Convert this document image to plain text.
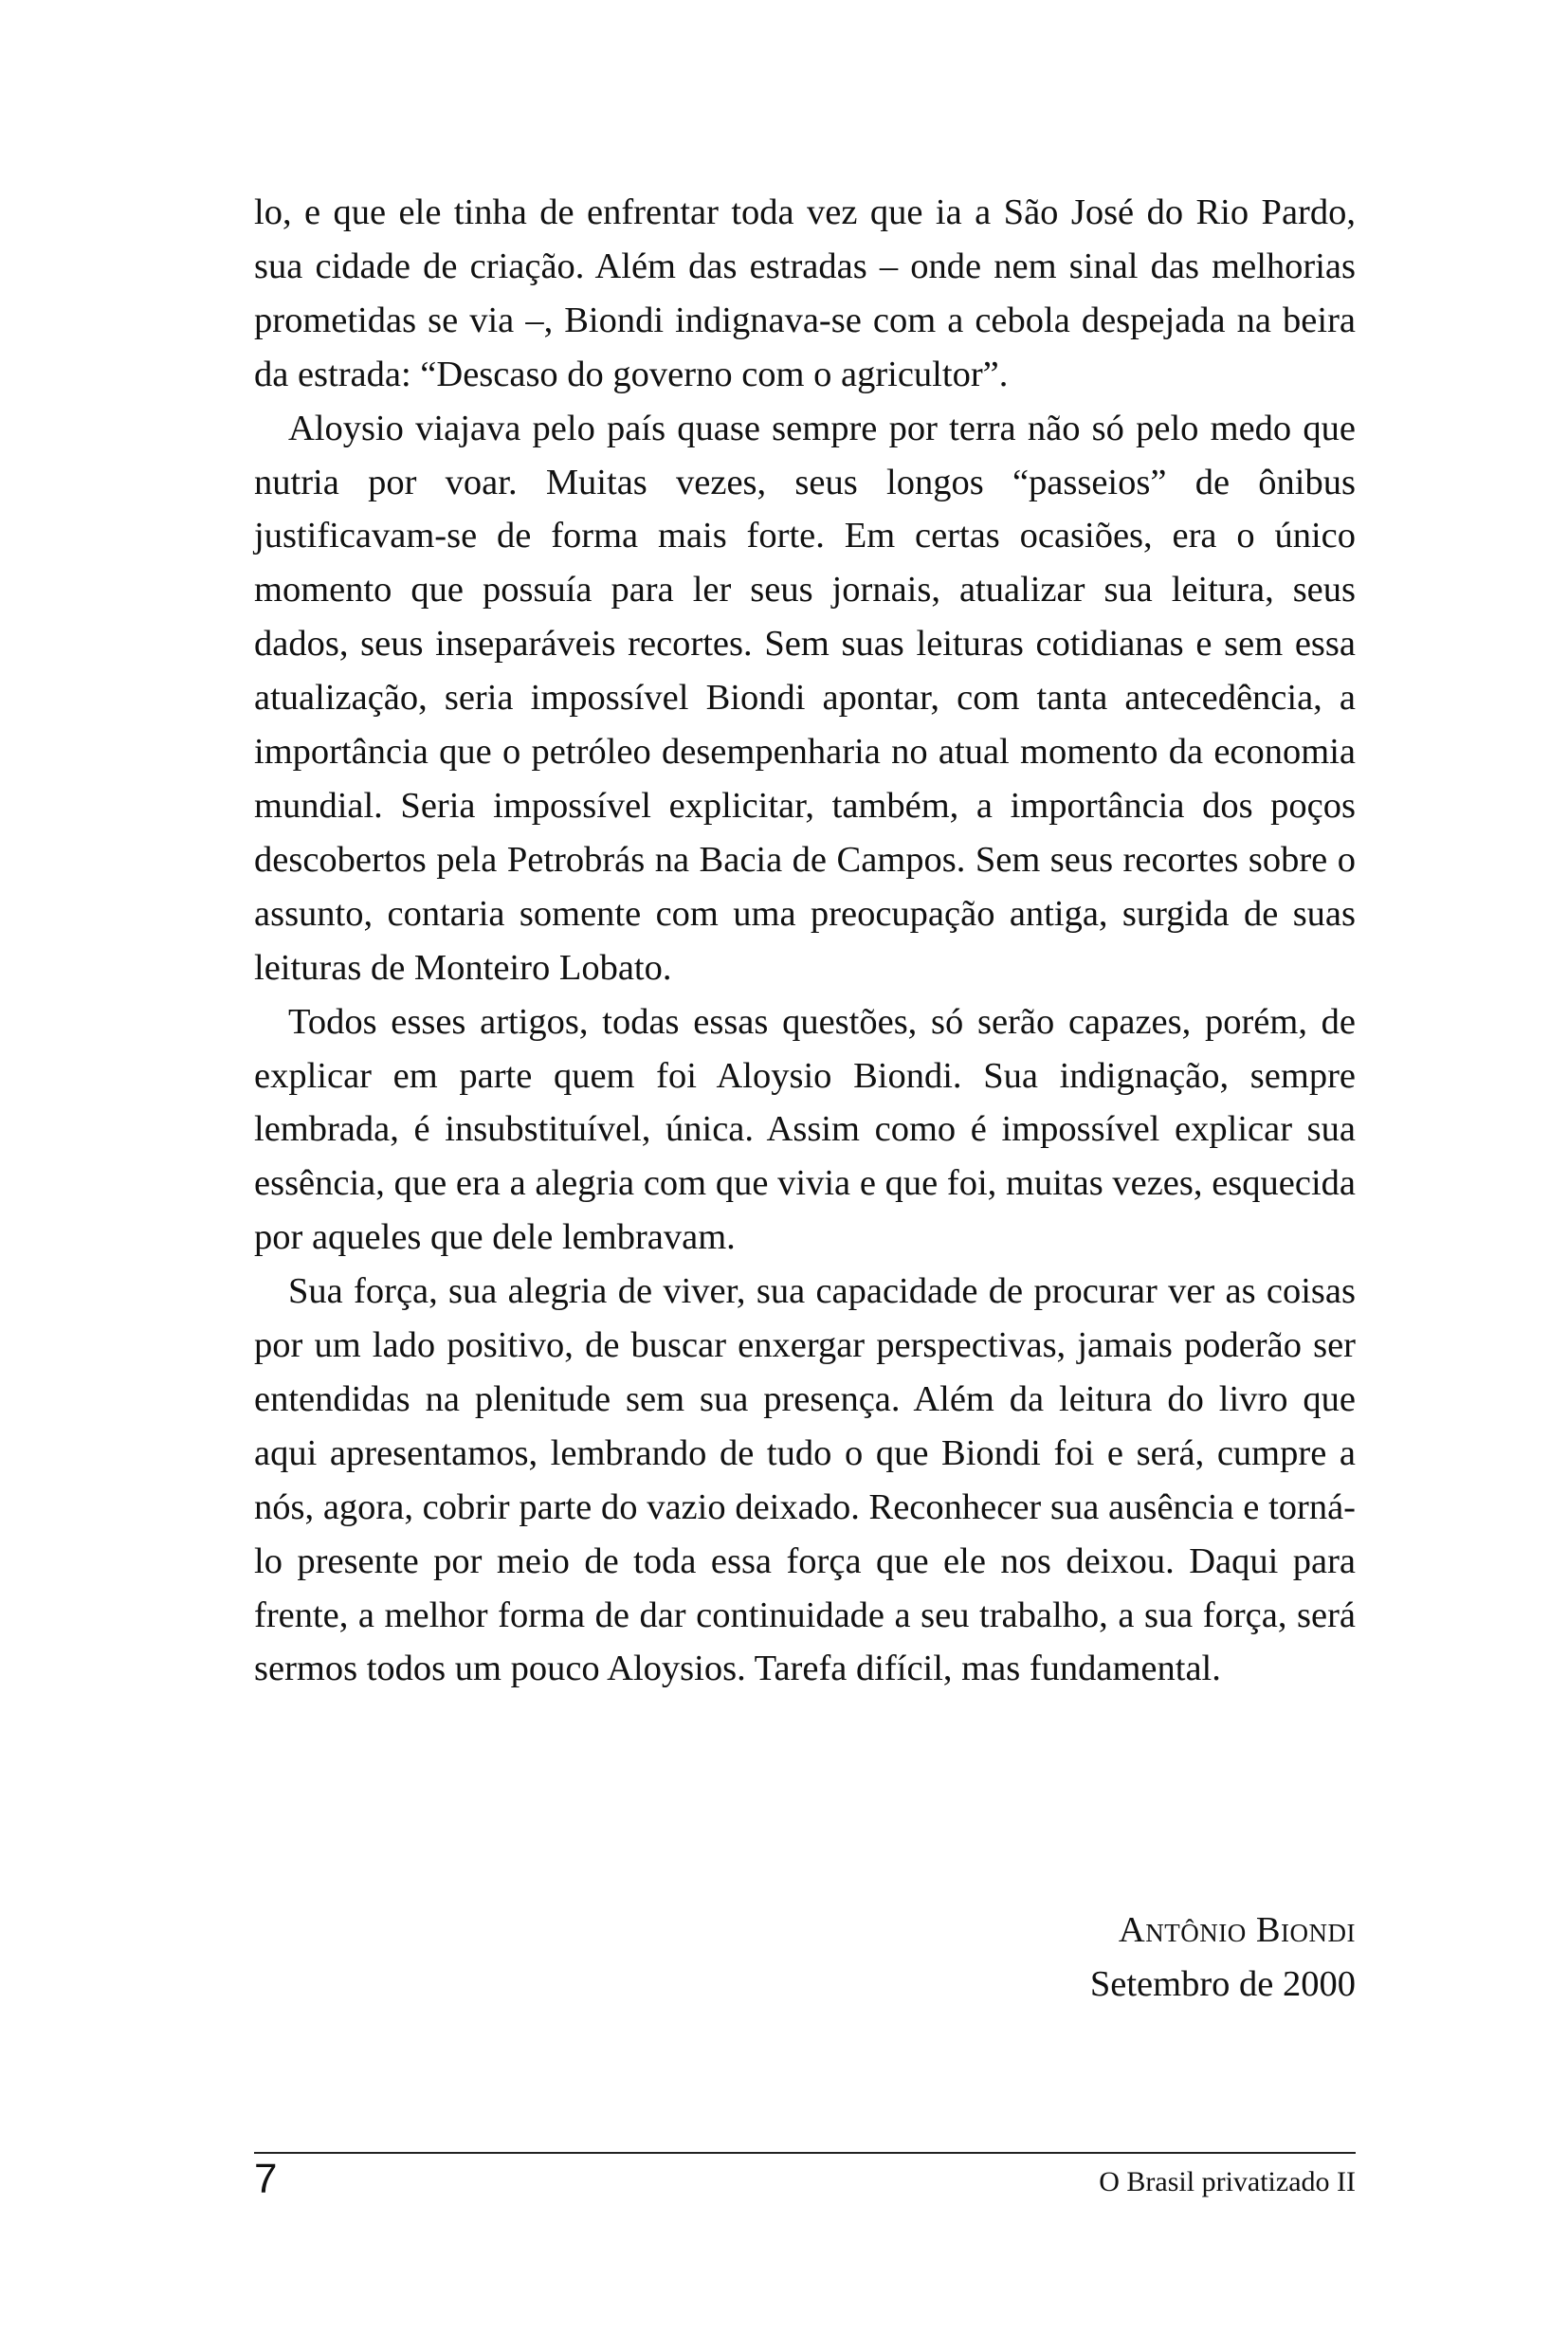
lo, e que ele tinha de enfrentar toda vez que ia a São José do Rio Pardo, sua cidade de criação. Além das estradas – onde nem sinal das melhorias prometidas se via –, Biondi indignava-se com a cebola despejada na beira da estrada: “Descaso do governo com o agricultor”.

Aloysio viajava pelo país quase sempre por terra não só pelo medo que nutria por voar. Muitas vezes, seus longos “passeios” de ônibus justificavam-se de forma mais forte. Em certas ocasiões, era o único momento que possuía para ler seus jornais, atualizar sua leitura, seus dados, seus inseparáveis recortes. Sem suas leituras cotidianas e sem essa atualização, seria impossível Biondi apontar, com tanta antecedência, a importância que o petróleo desempenharia no atual momento da economia mundial. Seria impossível explicitar, também, a importância dos poços descobertos pela Petrobrás na Bacia de Campos. Sem seus recortes sobre o assunto, contaria somente com uma preocupação antiga, surgida de suas leituras de Monteiro Lobato.

Todos esses artigos, todas essas questões, só serão capazes, porém, de explicar em parte quem foi Aloysio Biondi. Sua indignação, sempre lembrada, é insubstituível, única. Assim como é impossível explicar sua essência, que era a alegria com que vivia e que foi, muitas vezes, esquecida por aqueles que dele lembravam.

Sua força, sua alegria de viver, sua capacidade de procurar ver as coisas por um lado positivo, de buscar enxergar perspectivas, jamais poderão ser entendidas na plenitude sem sua presença. Além da leitura do livro que aqui apresentamos, lembrando de tudo o que Biondi foi e será, cumpre a nós, agora, cobrir parte do vazio deixado. Reconhecer sua ausência e torná-lo presente por meio de toda essa força que ele nos deixou. Daqui para frente, a melhor forma de dar continuidade a seu trabalho, a sua força, será sermos todos um pouco Aloysios. Tarefa difícil, mas fundamental.

Antônio Biondi
Setembro de 2000
7	O Brasil privatizado II
